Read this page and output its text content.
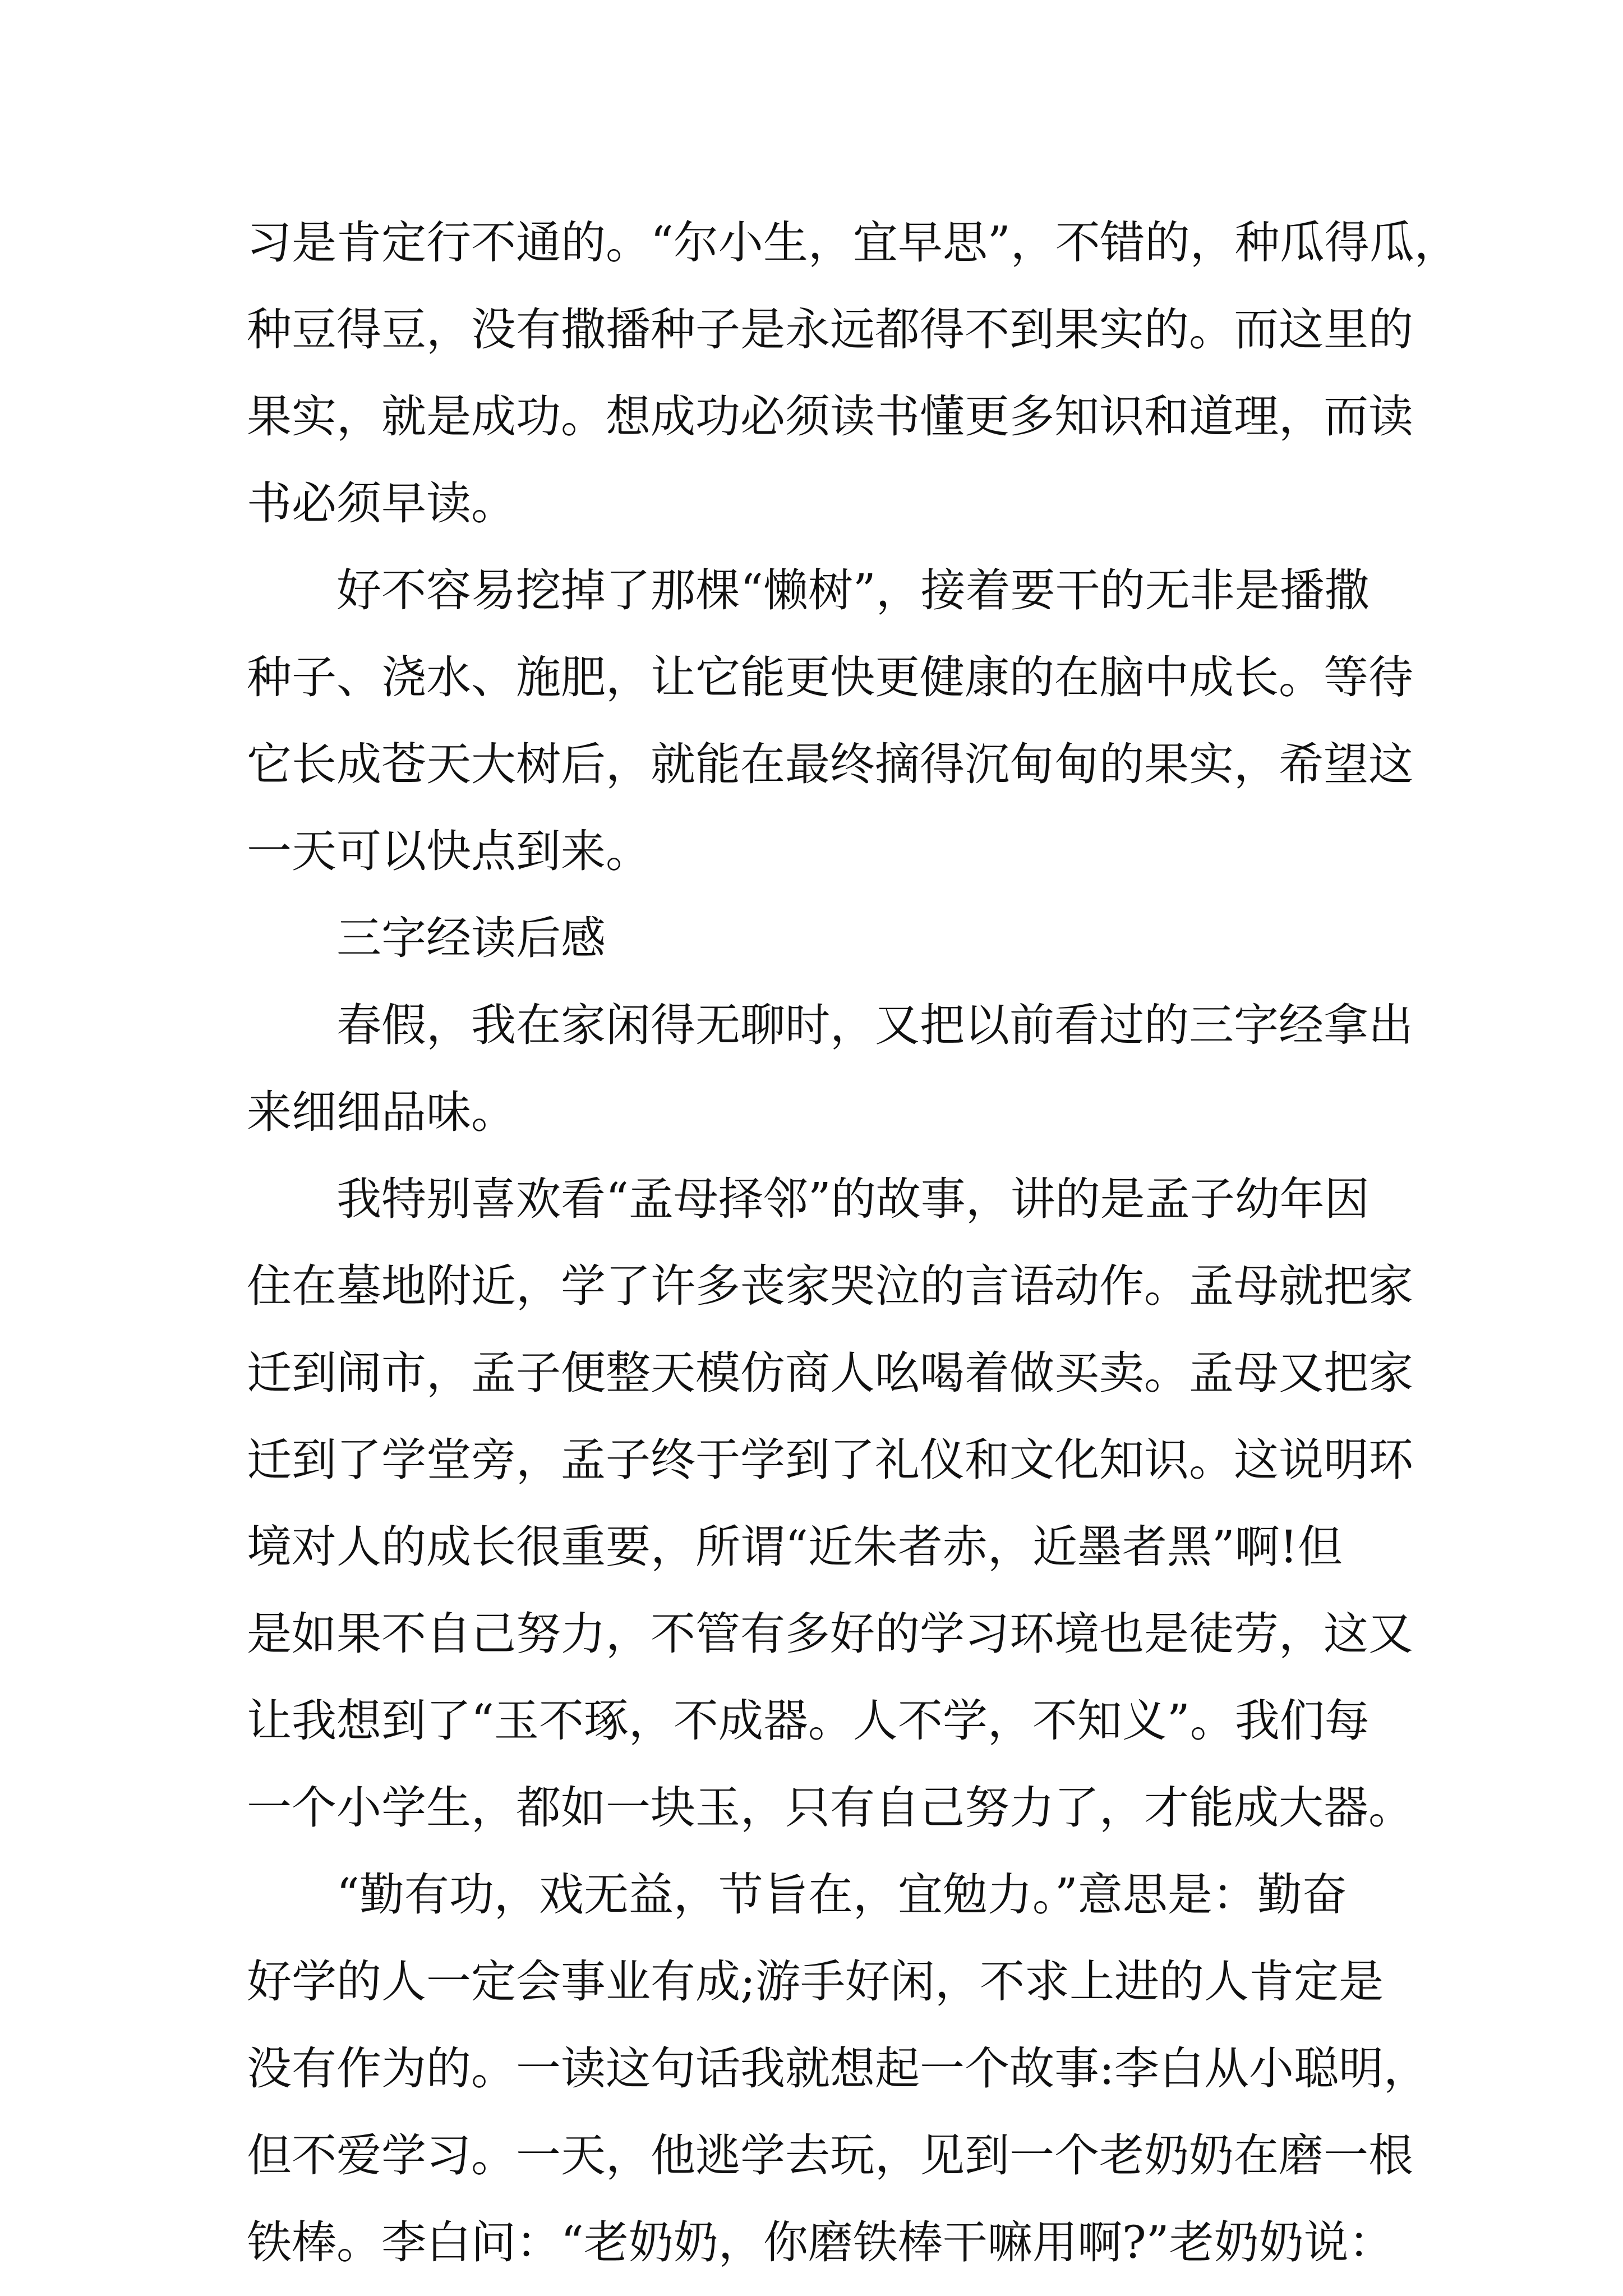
习是肯定行不通的。“尔小生，宜早思”，不错的，种瓜得瓜，
种豆得豆，没有撒播种子是永远都得不到果实的。而这里的
果实，就是成功。想成功必须读书懂更多知识和道理，而读
书必须早读。
好不容易挖掉了那棵“懒树”，接着要干的无非是播撒
种子、浇水、施肥，让它能更快更健康的在脑中成长。等待
它长成苍天大树后，就能在最终摘得沉甸甸的果实，希望这
一天可以快点到来。
三字经读后感
春假，我在家闲得无聊时，又把以前看过的三字经拿出
来细细品味。
我特别喜欢看“孟母择邻”的故事，讲的是孟子幼年因
住在墓地附近，学了许多丧家哭泣的言语动作。孟母就把家
迁到闹市，孟子便整天模仿商人吆喝着做买卖。孟母又把家
迁到了学堂旁，孟子终于学到了礼仪和文化知识。这说明环
境对人的成长很重要，所谓“近朱者赤，近墨者黑”啊!但
是如果不自己努力，不管有多好的学习环境也是徒劳，这又
让我想到了“玉不琢，不成器。人不学，不知义”。我们每
一个小学生，都如一块玉，只有自己努力了，才能成大器。
“勤有功，戏无益，节旨在，宜勉力。”意思是：勤奋
好学的人一定会事业有成;游手好闲，不求上进的人肯定是
没有作为的。一读这句话我就想起一个故事:李白从小聪明，
但不爱学习。一天，他逃学去玩，见到一个老奶奶在磨一根
铁棒。李白问：“老奶奶，你磨铁棒干嘛用啊?”老奶奶说：
